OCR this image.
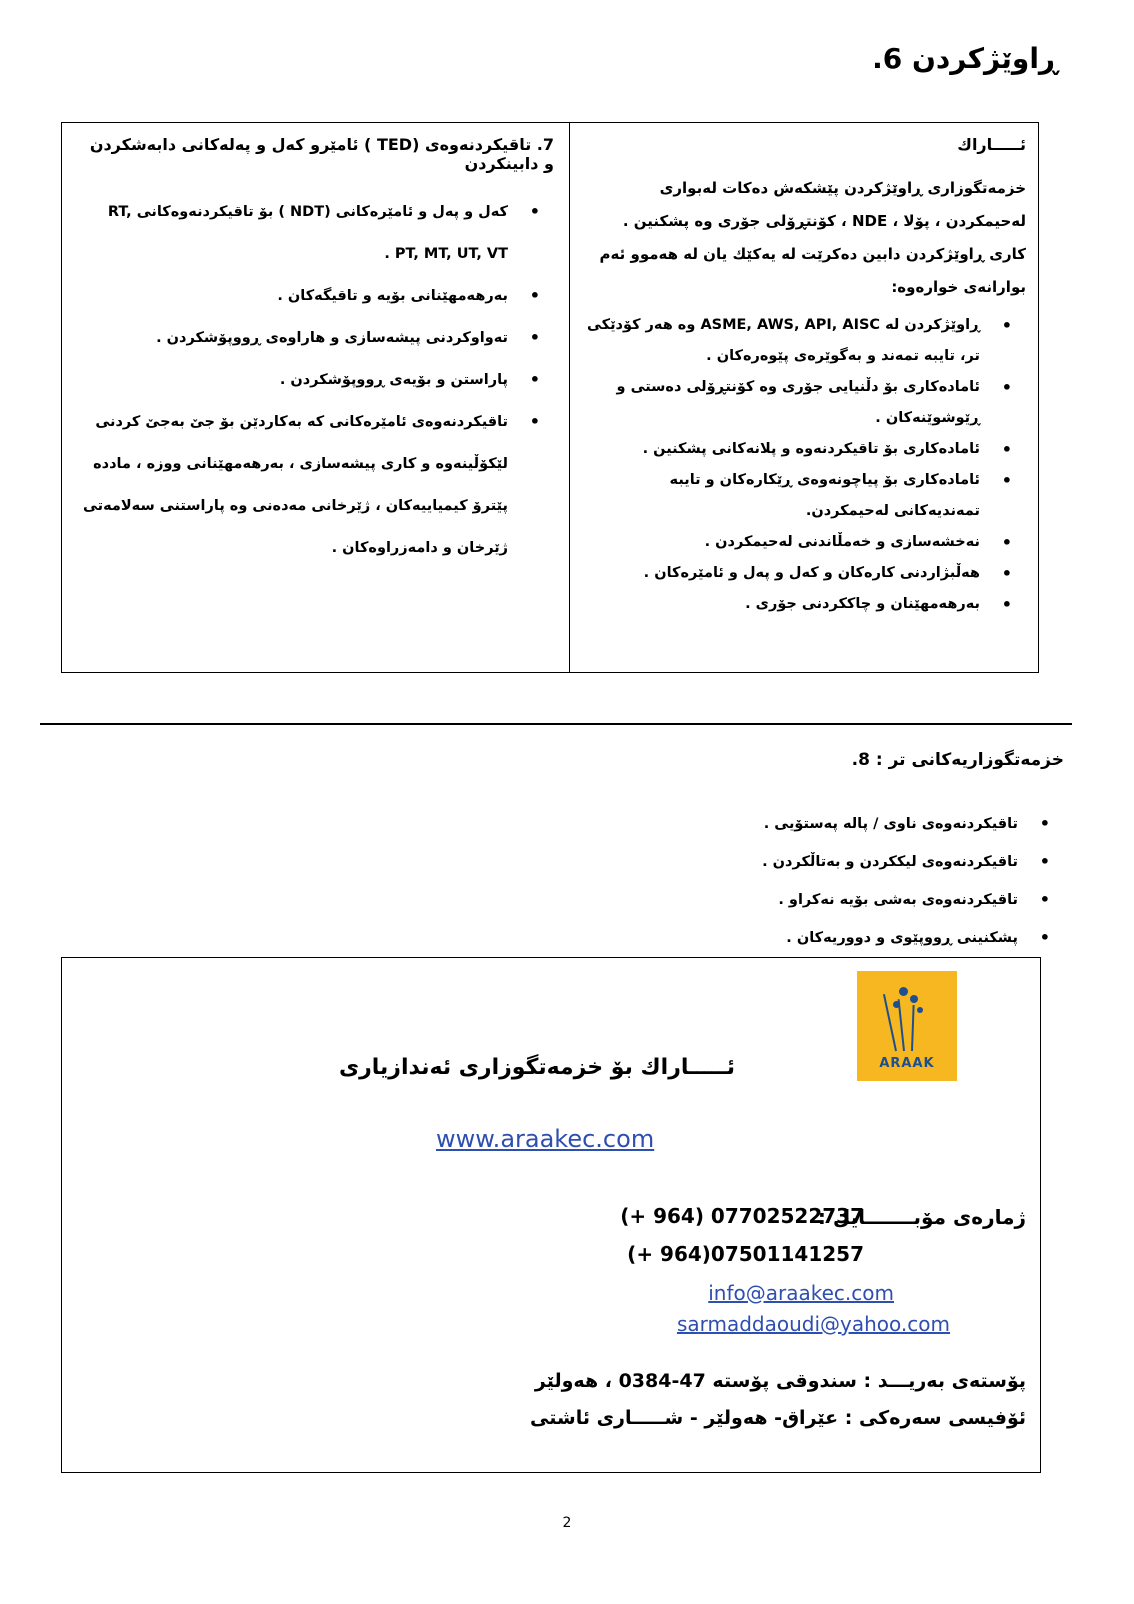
ڕاوێژکردن 6.
ئـــــاراك
خزمەتگوزاری ڕاوێژکردن پێشکەش دەکات لەبواری لەحیمکردن ، پۆلا ، NDE ، کۆنتڕۆلی جۆری وە پشکنین . کاری ڕاوێژکردن دابین دەکرێت لە یەکێك یان لە هەموو ئەم بوارانەی خوارەوە:
• ڕاوێژکردن لە ASME, AWS, API, AISC وە هەر کۆدێکی تر، تایبە تمەند و بەگوێرەی پێوەرەکان .
• ئامادەکاری بۆ دڵنیایی جۆری وە کۆنتڕۆلی دەستی و ڕێوشوێنەکان .
• ئامادەکاری بۆ تاقیکردنەوە و پلانەکانی پشکنین .
• ئامادەکاری بۆ پیاچونەوەی ڕێکارەکان و تایبە تمەندیەکانی لەحیمکردن.
• نەخشەسازی و خەمڵاندنی لەحیمکردن .
• هەڵبژاردنی کارەکان و کەل و پەل و ئامێرەکان .
• بەرهەمهێنان و چاککردنی جۆری .
7. تاقیکردنەوەی (TED ) ئامێرو کەل و پەلەکانی دابەشکردن و دابینکردن
• کەل و پەل و ئامێرەکانی (NDT ) بۆ تاقیکردنەوەکانی RT, PT, MT, UT, VT .
• بەرهەمهێنانی بۆیە و تاقیگەکان .
• تەواوکردنی پیشەسازی و هاراوەی ڕووپۆشکردن .
• پاراستن و بۆیەی ڕووپۆشکردن .
• تاقیکردنەوەی ئامێرەکانی کە بەکاردێن بۆ جێ بەجێ کردنی لێکۆڵینەوە و کاری پیشەسازی ، بەرهەمهێنانی ووزە ، ماددە پێترۆ کیمیاییەکان ، ژێرخانی مەدەنی وە پاراستنی سەلامەتی ژێرخان و دامەزراوەکان .
خزمەتگوزاریەکانی تر : 8.
• تاقیکردنەوەی ناوی / پالە پەستۆیی .
• تاقیکردنەوەی لیککردن و بەتاڵکردن .
• تاقیکردنەوەی بەشی بۆیە نەکراو .
• پشکنینی ڕووپێوی و دووریەکان .
ARAAK
ئـــــاراك بۆ خزمەتگوزاری ئەندازیاری
www.araakec.com
ژمارەی مۆبـــــــایل :
(+ 964) 07702522737
(+ 964)07501141257
info@araakec.com
sarmaddaoudi@yahoo.com
پۆستەی بەریـــد : سندوقی پۆستە 47-0384 ، هەولێر
ئۆفیسی سەرەکی : عێراق- هەولێر - شـــــاری ئاشتی
2
